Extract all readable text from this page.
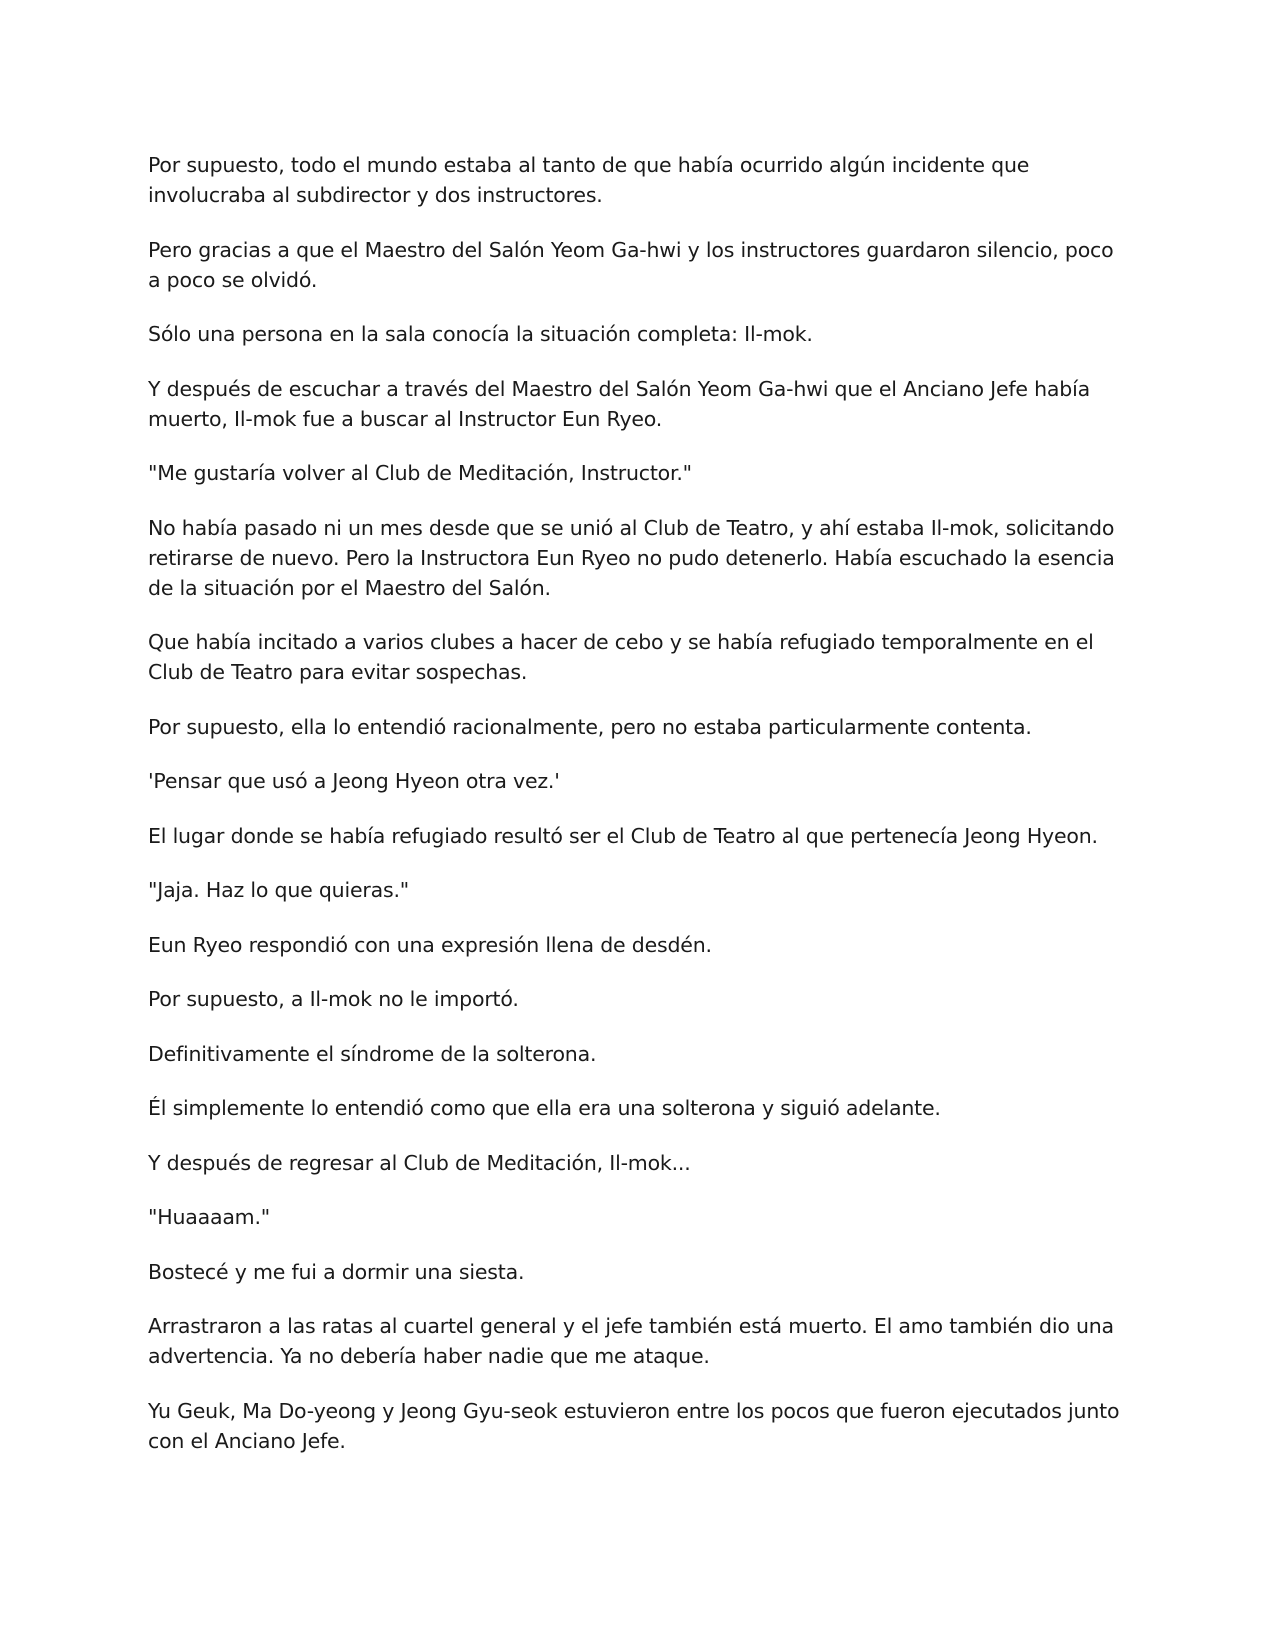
Por supuesto, todo el mundo estaba al tanto de que había ocurrido algún incidente que involucraba al subdirector y dos instructores.

Pero gracias a que el Maestro del Salón Yeom Ga-hwi y los instructores guardaron silencio, poco a poco se olvidó.

Sólo una persona en la sala conocía la situación completa: Il-mok.

Y después de escuchar a través del Maestro del Salón Yeom Ga-hwi que el Anciano Jefe había muerto, Il-mok fue a buscar al Instructor Eun Ryeo.

"Me gustaría volver al Club de Meditación, Instructor."

No había pasado ni un mes desde que se unió al Club de Teatro, y ahí estaba Il-mok, solicitando retirarse de nuevo. Pero la Instructora Eun Ryeo no pudo detenerlo. Había escuchado la esencia de la situación por el Maestro del Salón.

Que había incitado a varios clubes a hacer de cebo y se había refugiado temporalmente en el Club de Teatro para evitar sospechas.

Por supuesto, ella lo entendió racionalmente, pero no estaba particularmente contenta.

'Pensar que usó a Jeong Hyeon otra vez.'

El lugar donde se había refugiado resultó ser el Club de Teatro al que pertenecía Jeong Hyeon.

"Jaja. Haz lo que quieras."

Eun Ryeo respondió con una expresión llena de desdén.

Por supuesto, a Il-mok no le importó.

Definitivamente el síndrome de la solterona.

Él simplemente lo entendió como que ella era una solterona y siguió adelante.

Y después de regresar al Club de Meditación, Il-mok...

"Huaaaam."

Bostecé y me fui a dormir una siesta.

Arrastraron a las ratas al cuartel general y el jefe también está muerto. El amo también dio una advertencia. Ya no debería haber nadie que me ataque.

Yu Geuk, Ma Do-yeong y Jeong Gyu-seok estuvieron entre los pocos que fueron ejecutados junto con el Anciano Jefe.
